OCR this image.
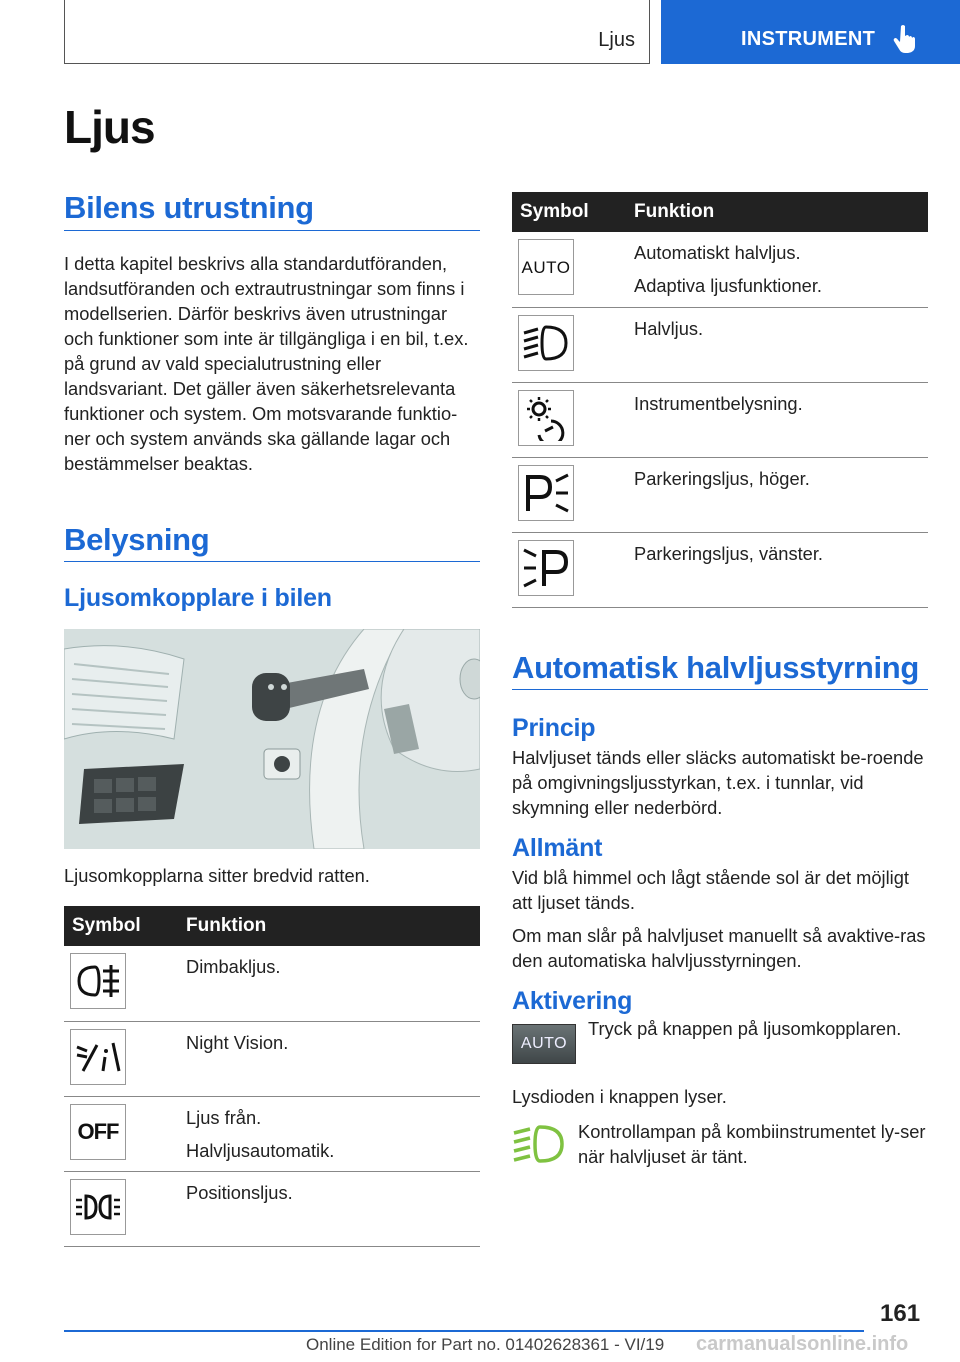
Ljus	INSTRUMENT
Ljus
Bilens utrustning

I detta kapitel beskrivs alla standardutföranden, landsutföranden och extrautrustningar som finns i modellserien. Därför beskrivs även utrustningar och funktioner som inte är tillgängliga i en bil, t.ex. på grund av vald specialutrustning eller landsvariant. Det gäller även säkerhetsrelevanta funktioner och system. Om motsvarande funktio-ner och system används ska gällande lagar och bestämmelser beaktas.

Belysning
Ljusomkopplare i bilen

Ljusomkopplarna sitter bredvid ratten.

Symbol	Funktion

Dimbakljus.

Night Vision.

OFF	Ljus från.
Halvljusautomatik.

Positionsljus.
Symbol	Funktion

AUTO	Automatiskt halvljus.
Adaptiva ljusfunktioner.

Halvljus.

Instrumentbelysning.

Parkeringsljus, höger.

Parkeringsljus, vänster.
Automatisk halvljusstyrning
Princip

Halvljuset tänds eller släcks automatiskt be-roende på omgivningsljusstyrkan, t.ex. i tunnlar, vid skymning eller nederbörd.

Allmänt

Vid blå himmel och lågt stående sol är det möjligt att ljuset tänds.

Om man slår på halvljuset manuellt så avaktive-ras den automatiska halvljusstyrningen.

Aktivering
AUTO

Tryck på knappen på ljusomkopplaren.

Lysdioden i knappen lyser.

Kontrollampan på kombiinstrumentet ly-ser när halvljuset är tänt.

161
Online Edition for Part no. 01402628361 - VI/19 carmanualsonline.info
